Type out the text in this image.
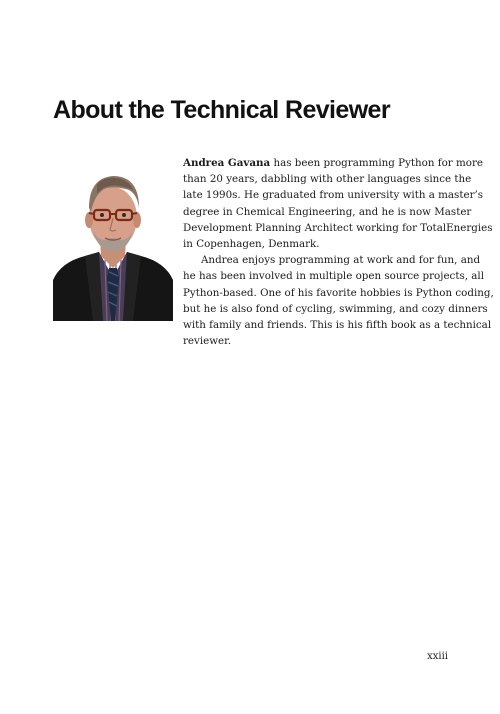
About the Technical Reviewer

Andrea Gavana has been programming Python for more
than 20 years, dabbling with other languages since the
late 1990s. He graduated from university with a master’s
degree in Chemical Engineering, and he is now Master
Development Planning Architect working for TotalEnergies
in Copenhagen, Denmark.

Andrea enjoys programming at work and for fun, and
he has been involved in multiple open source projects, all
Python-based. One of his favorite hobbies is Python coding,
but he is also fond of cycling, swimming, and cozy dinners
with family and friends. This is his fifth book as a technical
reviewer.

xxiii
